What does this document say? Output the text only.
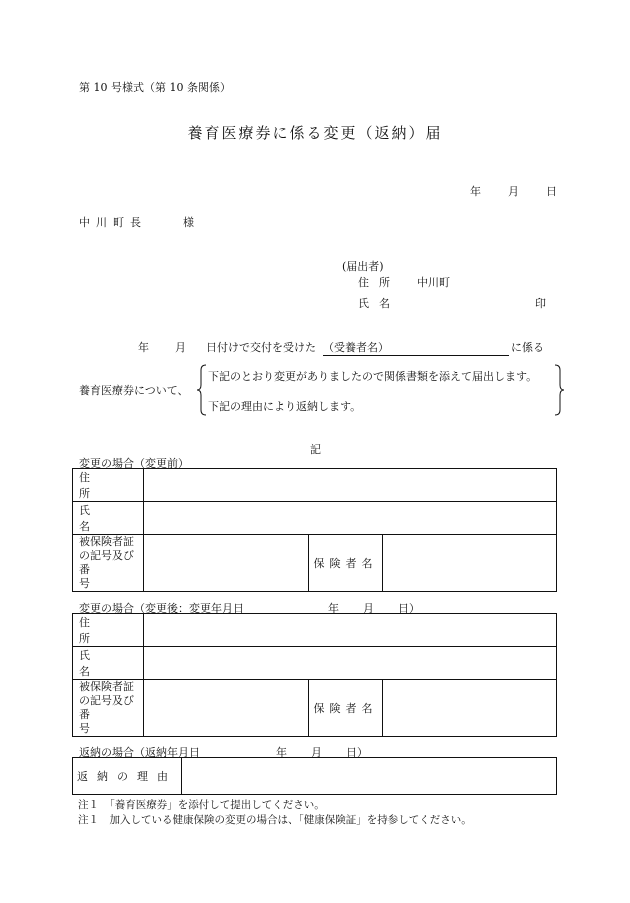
第 10 号様式（第 10 条関係）
養育医療券に係る変更（返納）届
年 月 日
中川町長	様
(届出者)
住所 中川町
氏名	印
年 月 日付けで交付を受けた （受養者名）	に係る
養育医療券について、
下記のとおり変更がありましたので関係書類を添えて届出します。
下記の理由により返納します。
記
変更の場合（変更前）
住所			

氏名			

被保険者証
の記号及び
番号		保険者名	
変更の場合（変更後：変更年月日	年 月 日）
住所			

氏名			

被保険者証
の記号及び
番号		保険者名	
返納の場合（返納年月日	年 月 日）
返納の理由	
注１　「養育医療券」を添付して提出してください。
注１　加入している健康保険の変更の場合は、「健康保険証」を持参してください。
